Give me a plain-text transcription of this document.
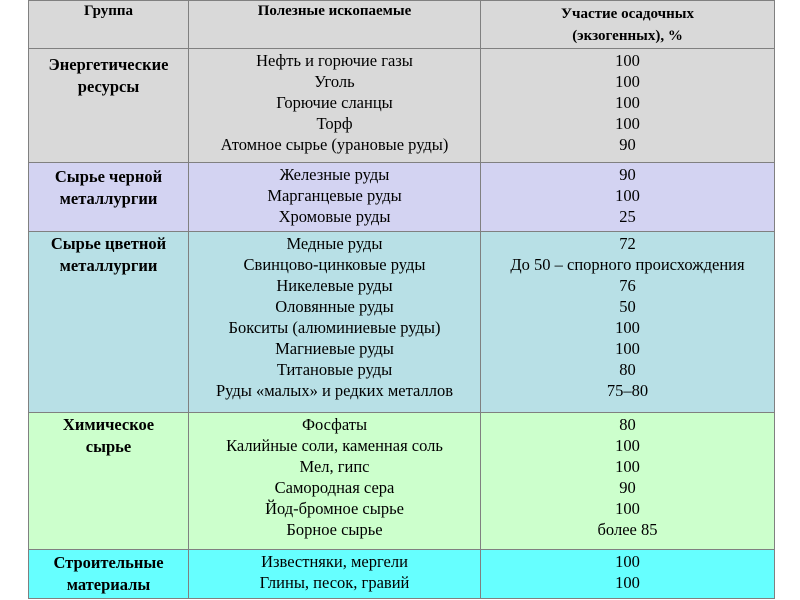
Группа	Полезные ископаемые	Участие осадочных
(экзогенных), %
Энергетические
ресурсы
Нефть и горючие газы
Уголь
Горючие сланцы
Торф
Атомное сырье (урановые руды)
100
100
100
100
90
Сырье черной
металлургии
Железные руды
Марганцевые руды
Хромовые руды
90
100
25
Сырье цветной
металлургии
Медные руды
Свинцово-цинковые руды
Никелевые руды
Оловянные руды
Бокситы (алюминиевые руды)
Магниевые руды
Титановые руды
Руды «малых» и редких металлов
72
До 50 – спорного происхождения
76
50
100
100
80
75–80
Химическое
сырье
Фосфаты
Калийные соли, каменная соль
Мел, гипс
Самородная сера
Йод-бромное сырье
Борное сырье
80
100
100
90
100
более 85
Строительные
материалы
Известняки, мергели
Глины, песок, гравий
100
100
